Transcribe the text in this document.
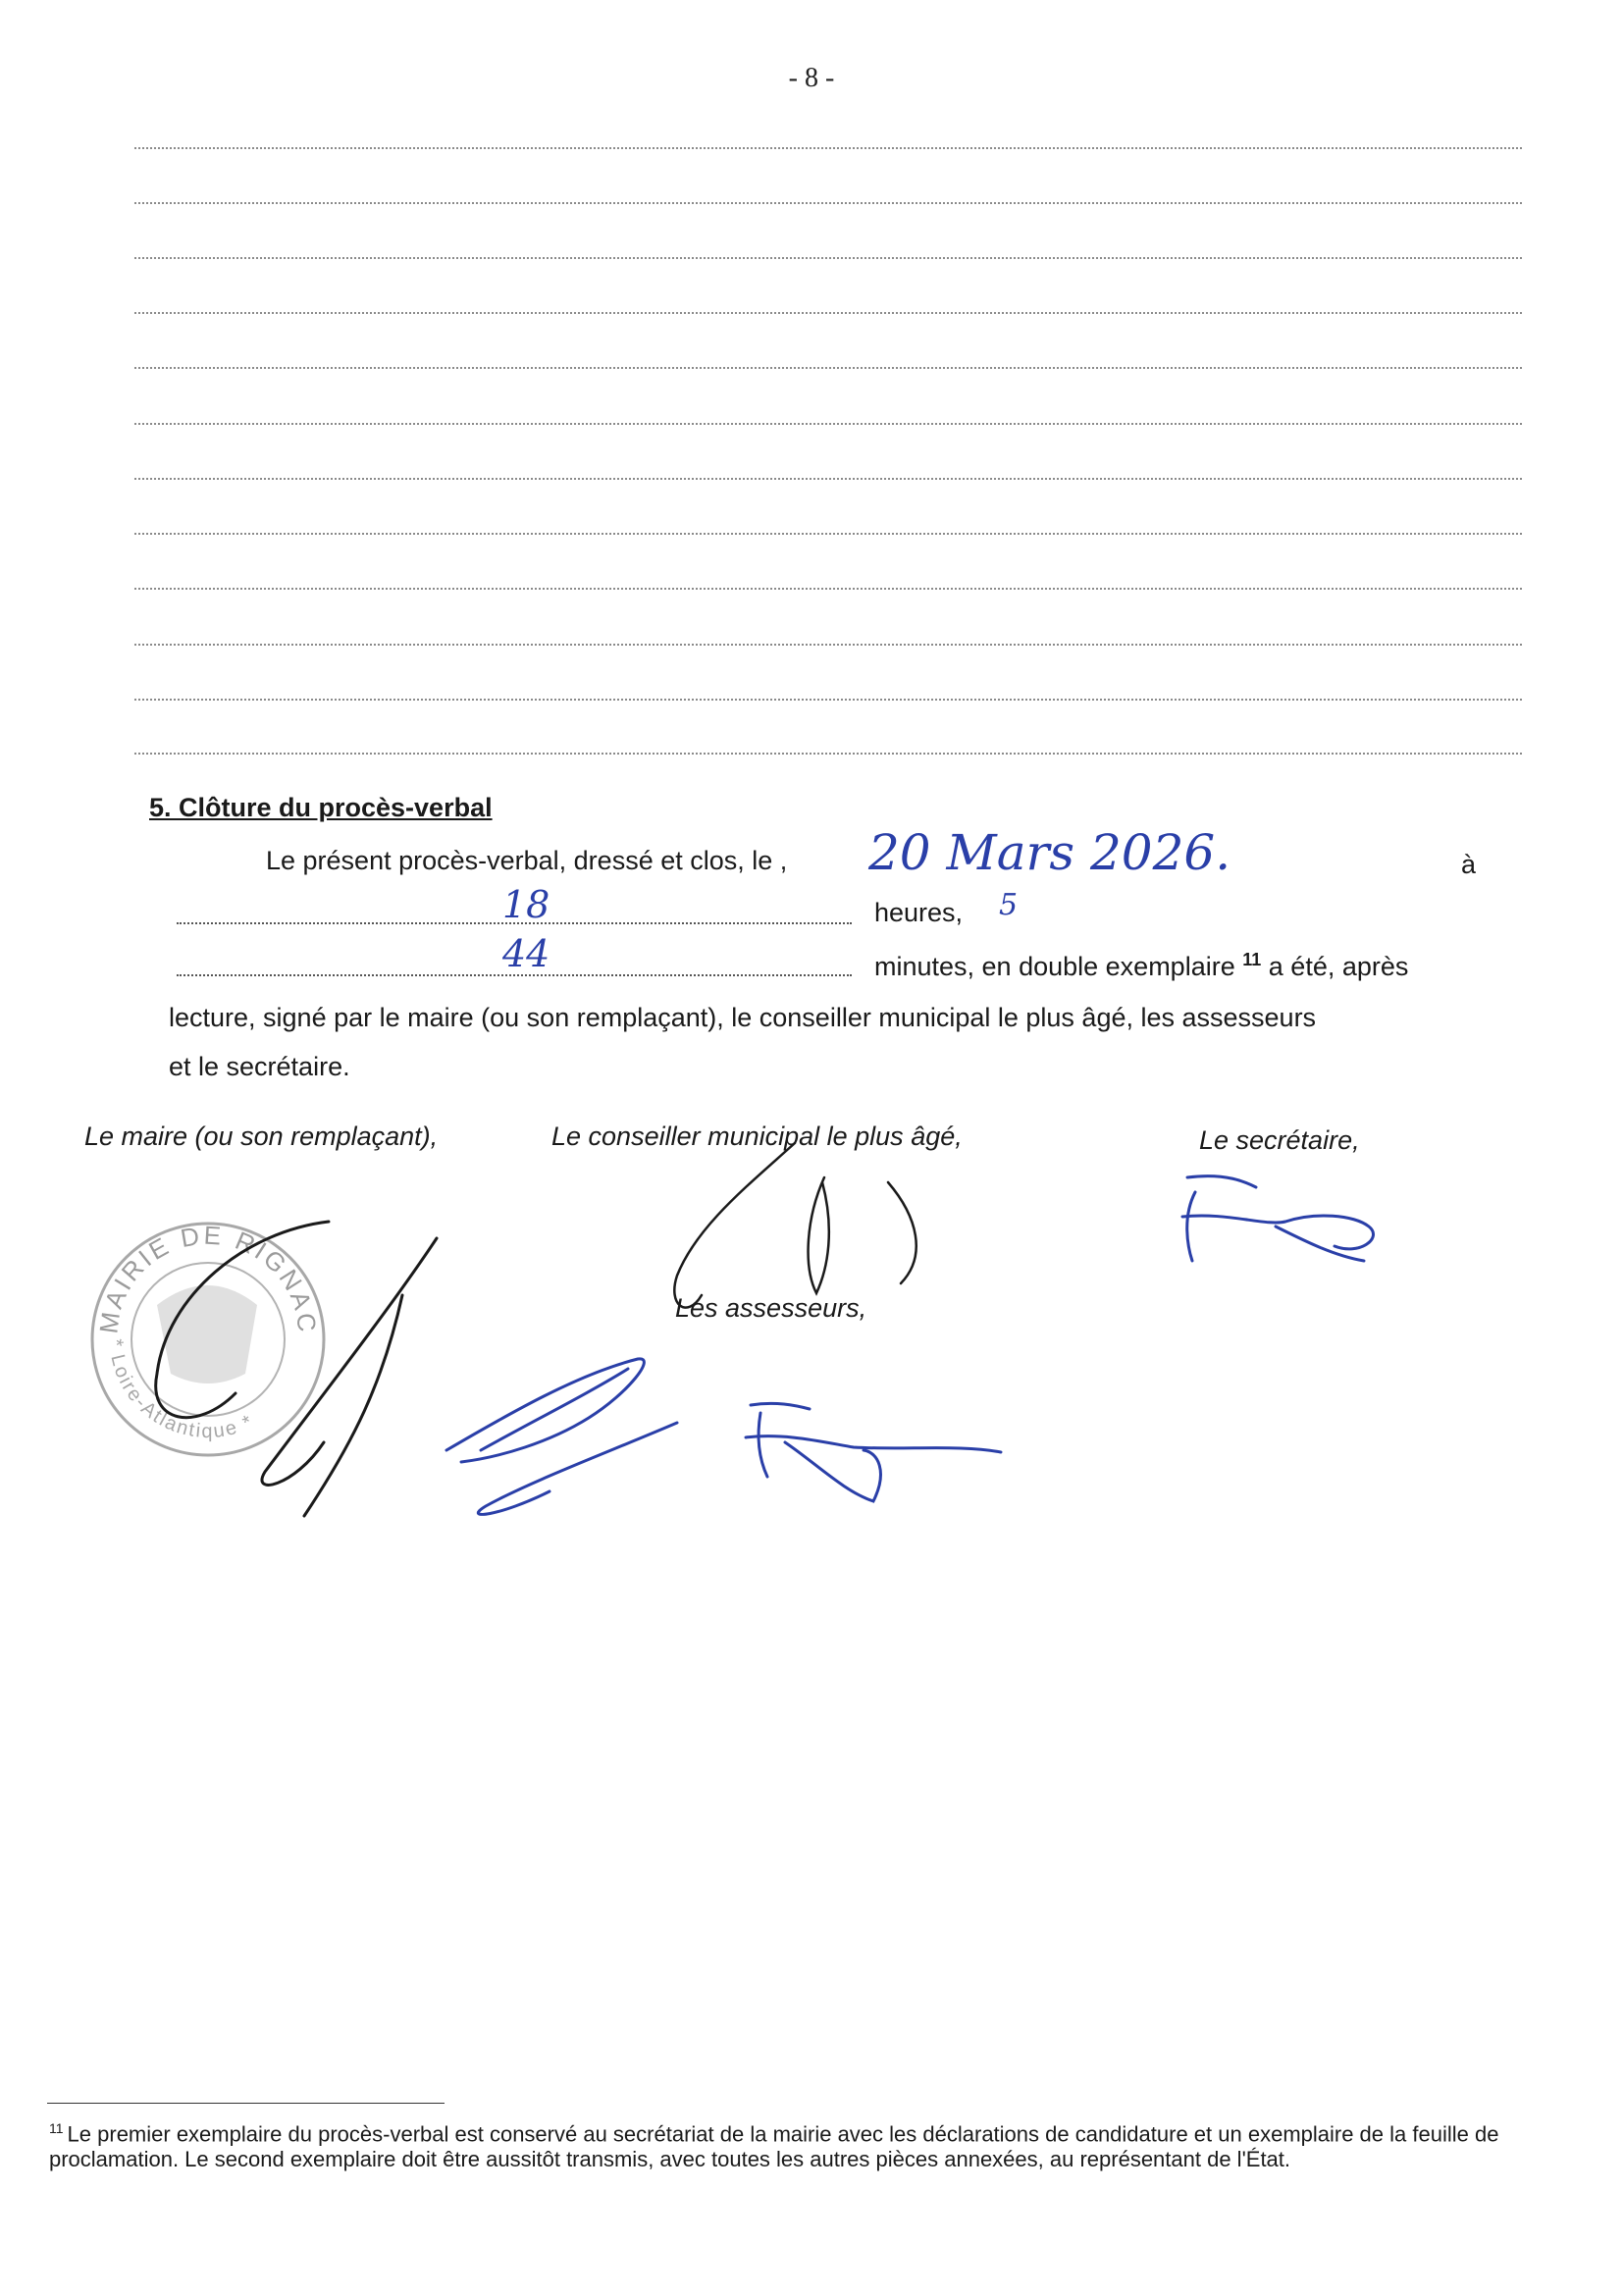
- 8 -
5. Clôture du procès-verbal
Le présent procès-verbal, dressé et clos, le , 20 Mars 2026.	à
18	heures, 5
44	minutes, en double exemplaire $^{11}$ a été, après
lecture, signé par le maire (ou son remplaçant), le conseiller municipal le plus âgé, les assesseurs
et le secrétaire.
Le maire (ou son remplaçant),	Le conseiller municipal le plus âgé,	Le secrétaire,
Les assesseurs,
MAIRIE DE RIGNAC
* Loire-Atlantique *
$^{11}$ Le premier exemplaire du procès-verbal est conservé au secrétariat de la mairie avec les déclarations de candidature et un exemplaire de la feuille de proclamation. Le second exemplaire doit être aussitôt transmis, avec toutes les autres pièces annexées, au représentant de l'État.
